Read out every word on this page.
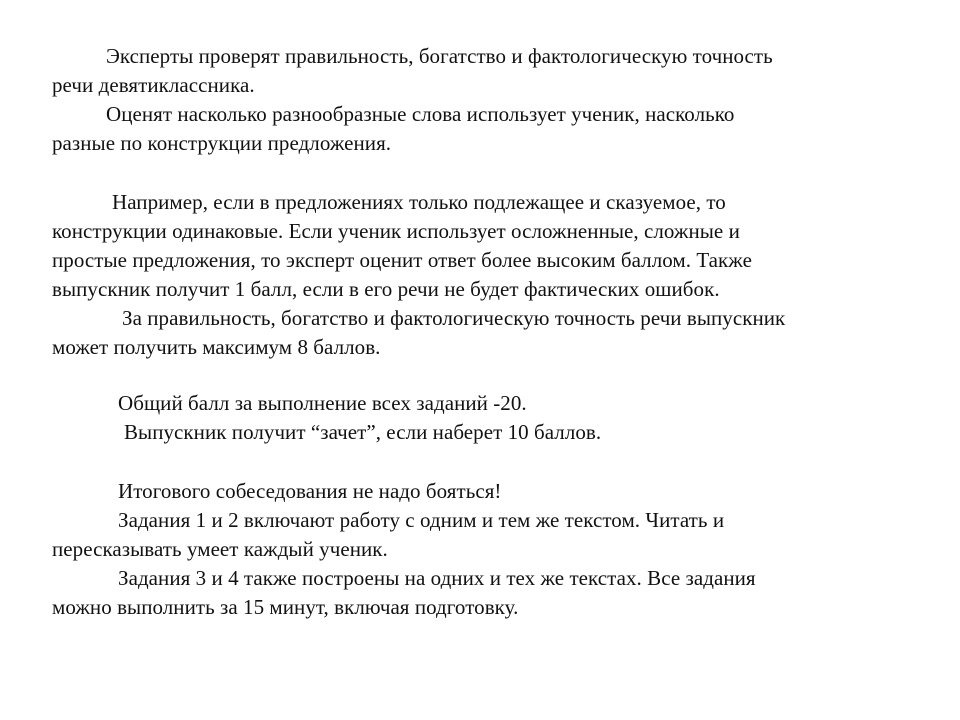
Эксперты проверят правильность, богатство и фактологическую точность
речи девятиклассника.
Оценят насколько разнообразные слова использует ученик, насколько
разные по конструкции предложения.
Например, если в предложениях только подлежащее и сказуемое, то
конструкции одинаковые. Если ученик использует осложненные, сложные и
простые предложения, то эксперт оценит ответ более высоким баллом. Также
выпускник получит 1 балл, если в его речи не будет фактических ошибок.
За правильность, богатство и фактологическую точность речи выпускник
может получить максимум 8 баллов.
Общий балл за выполнение всех заданий -20.
Выпускник получит “зачет”, если наберет 10 баллов.
Итогового собеседования не надо бояться!
Задания 1 и 2 включают работу с одним и тем же текстом. Читать и
пересказывать умеет каждый ученик.
Задания 3 и 4 также построены на одних и тех же текстах. Все задания
можно выполнить за 15 минут, включая подготовку.
